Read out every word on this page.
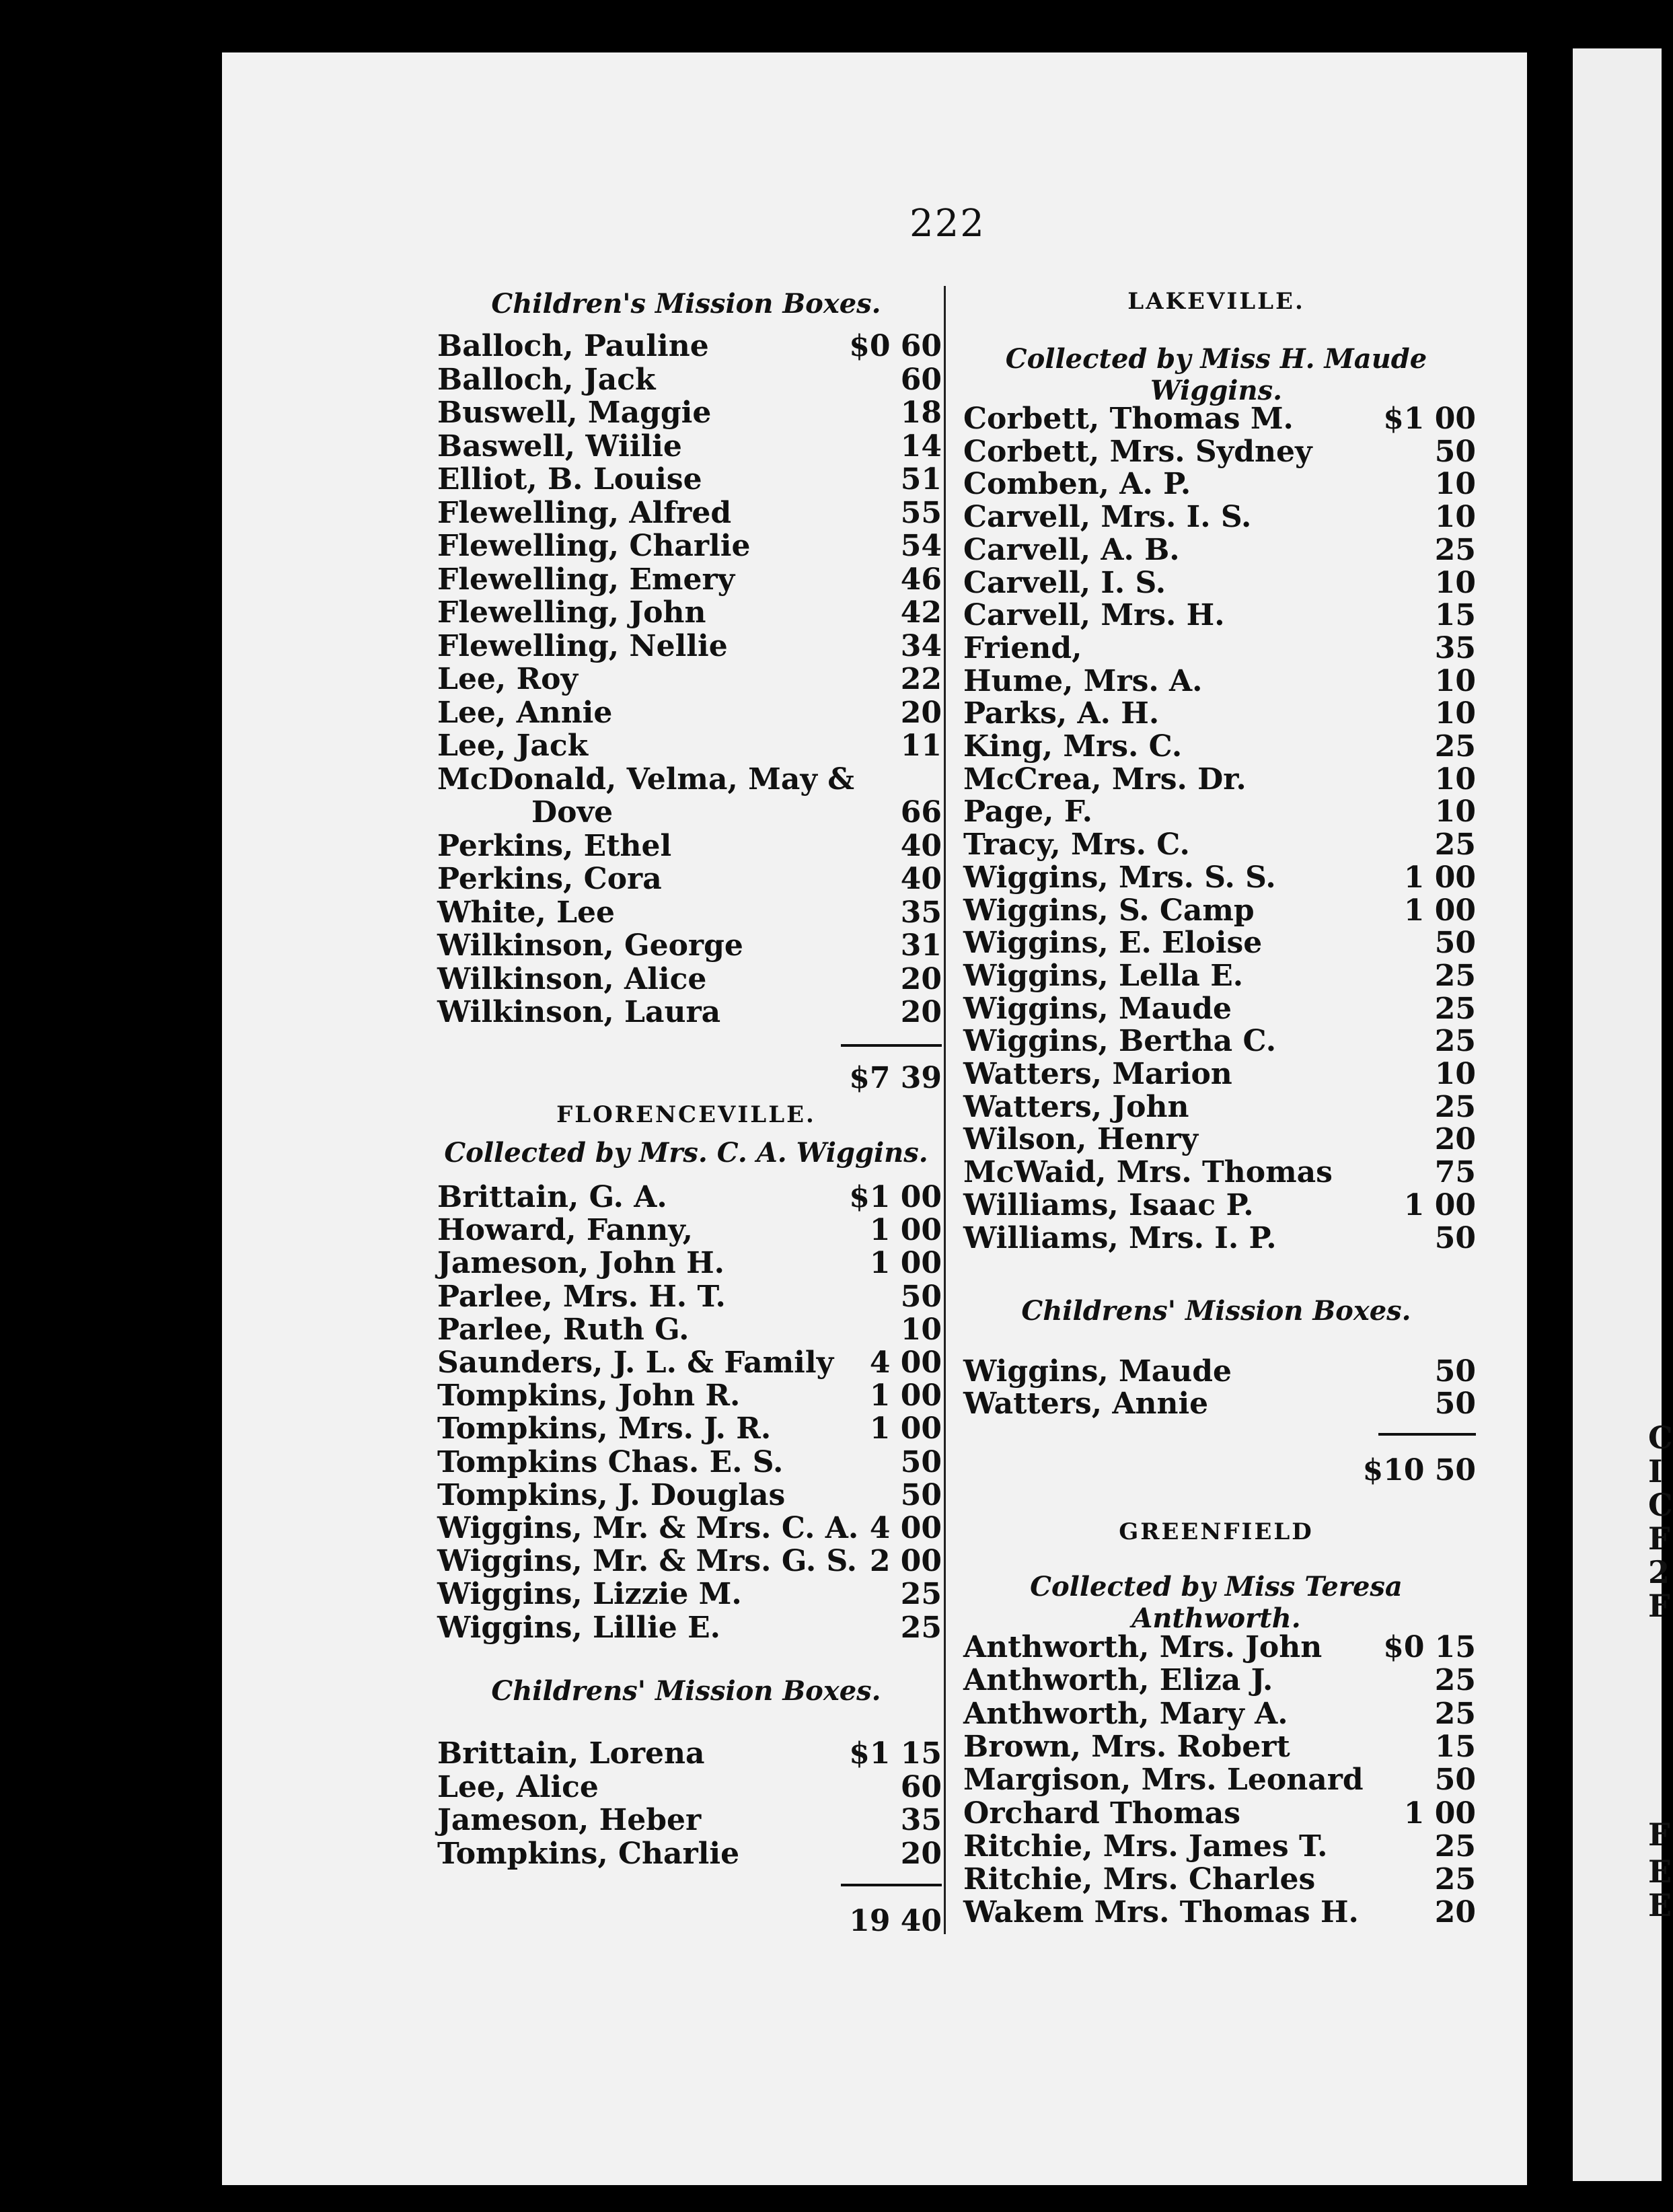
222
Children's Mission Boxes.
Balloch, Pauline	$0 60
Balloch, Jack	60
Buswell, Maggie	18
Baswell, Wiilie	14
Elliot, B. Louise	51
Flewelling, Alfred	55
Flewelling, Charlie	54
Flewelling, Emery	46
Flewelling, John	42
Flewelling, Nellie	34
Lee, Roy	22
Lee, Annie	20
Lee, Jack	11
McDonald, Velma, May &
Dove	66
Perkins, Ethel	40
Perkins, Cora	40
White, Lee	35
Wilkinson, George	31
Wilkinson, Alice	20
Wilkinson, Laura	20
$7 39
FLORENCEVILLE.
Collected by Mrs. C. A. Wiggins.
Brittain, G. A.	$1 00
Howard, Fanny,	1 00
Jameson, John H.	1 00
Parlee, Mrs. H. T.	50
Parlee, Ruth G.	10
Saunders, J. L. & Family 4 00
Tompkins, John R.	1 00
Tompkins, Mrs. J. R.	1 00
Tompkins Chas. E. S.	50
Tompkins, J. Douglas	50
Wiggins, Mr. & Mrs. C. A. 4 00
Wiggins, Mr. & Mrs. G. S. 2 00
Wiggins, Lizzie M.	25
Wiggins, Lillie E.	25
Childrens' Mission Boxes.
Brittain, Lorena	$1 15
Lee, Alice	60
Jameson, Heber	35
Tompkins, Charlie	20
19 40
LAKEVILLE.
Collected by Miss H. Maude Wiggins.
Corbett, Thomas M.	$1 00
Corbett, Mrs. Sydney	50
Comben, A. P.	10
Carvell, Mrs. I. S.	10
Carvell, A. B.	25
Carvell, I. S.	10
Carvell, Mrs. H.	15
Friend,	35
Hume, Mrs. A.	10
Parks, A. H.	10
King, Mrs. C.	25
McCrea, Mrs. Dr.	10
Page, F.	10
Tracy, Mrs. C.	25
Wiggins, Mrs. S. S.	1 00
Wiggins, S. Camp	1 00
Wiggins, E. Eloise	50
Wiggins, Lella E.	25
Wiggins, Maude	25
Wiggins, Bertha C.	25
Watters, Marion	10
Watters, John	25
Wilson, Henry	20
McWaid, Mrs. Thomas	75
Williams, Isaac P.	1 00
Williams, Mrs. I. P.	50
Childrens' Mission Boxes.
Wiggins, Maude	50
Watters, Annie	50
$10 50
GREENFIELD
Collected by Miss Teresa Anthworth.
Anthworth, Mrs. John $0 15
Anthworth, Eliza J.	25
Anthworth, Mary A.	25
Brown, Mrs. Robert	15
Margison, Mrs. Leonard 50
Orchard Thomas	1 00
Ritchie, Mrs. James T.	25
Ritchie, Mrs. Charles	25
Wakem Mrs. Thomas H.	20
C
I
C
F
2
F
F
E
E
